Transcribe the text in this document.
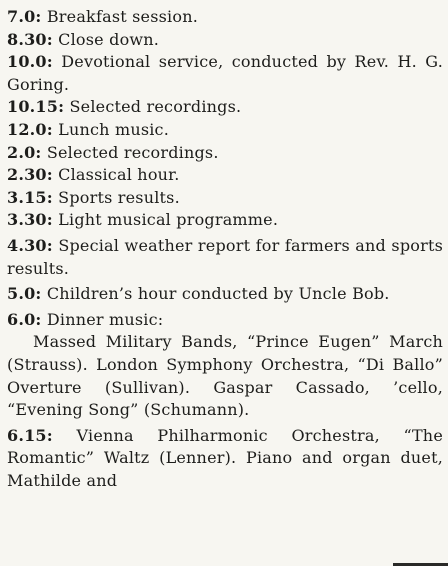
7.0: Breakfast session.

8.30: Close down.

10.0: Devotional service, conducted by Rev. H. G. Goring.

10.15: Selected recordings.

12.0: Lunch music.

2.0: Selected recordings.

2.30: Classical hour.

3.15: Sports results.

3.30: Light musical programme.

4.30: Special weather report for farmers and sports results.

5.0: Children’s hour conducted by Uncle Bob.

6.0: Dinner music:

Massed Military Bands, “Prince Eugen” March (Strauss). London Symphony Orchestra, “Di Ballo” Overture (Sullivan). Gaspar Cassado, ’cello, “Evening Song” (Schumann).

6.15: Vienna Philharmonic Orchestra, “The Romantic” Waltz (Lenner). Piano and organ duet, Mathilde and
